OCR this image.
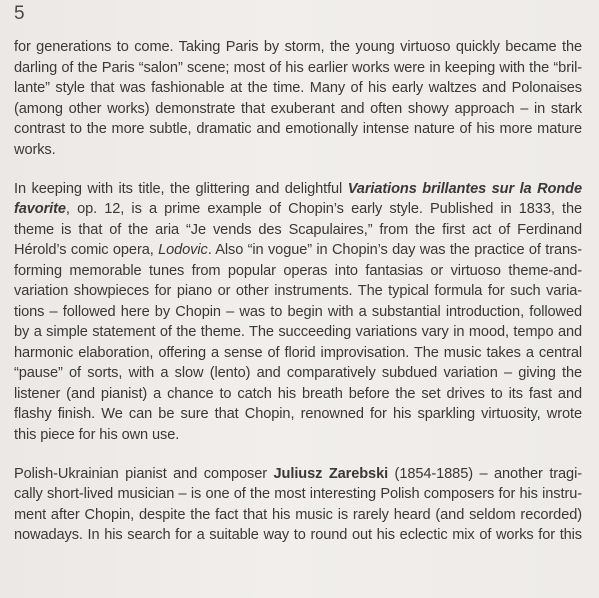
5

for generations to come. Taking Paris by storm, the young virtuoso quickly became the
darling of the Paris “salon” scene; most of his earlier works were in keeping with the “bril-
lante” style that was fashionable at the time. Many of his early waltzes and Polonaises
(among other works) demonstrate that exuberant and often showy approach – in stark
contrast to the more subtle, dramatic and emotionally intense nature of his more mature
works.

In keeping with its title, the glittering and delightful Variations brillantes sur la Ronde
favorite, op. 12, is a prime example of Chopin’s early style. Published in 1833, the
theme is that of the aria “Je vends des Scapulaires,” from the first act of Ferdinand
Hérold’s comic opera, Lodovic. Also “in vogue” in Chopin’s day was the practice of trans-
forming memorable tunes from popular operas into fantasias or virtuoso theme-and-
variation showpieces for piano or other instruments. The typical formula for such varia-
tions – followed here by Chopin – was to begin with a substantial introduction, followed
by a simple statement of the theme. The succeeding variations vary in mood, tempo and
harmonic elaboration, offering a sense of florid improvisation. The music takes a central
“pause” of sorts, with a slow (lento) and comparatively subdued variation – giving the
listener (and pianist) a chance to catch his breath before the set drives to its fast and
flashy finish. We can be sure that Chopin, renowned for his sparkling virtuosity, wrote
this piece for his own use.

Polish-Ukrainian pianist and composer Juliusz Zarebski (1854-1885) – another tragi-
cally short-lived musician – is one of the most interesting Polish composers for his instru-
ment after Chopin, despite the fact that his music is rarely heard (and seldom recorded)
nowadays. In his search for a suitable way to round out his eclectic mix of works for this
